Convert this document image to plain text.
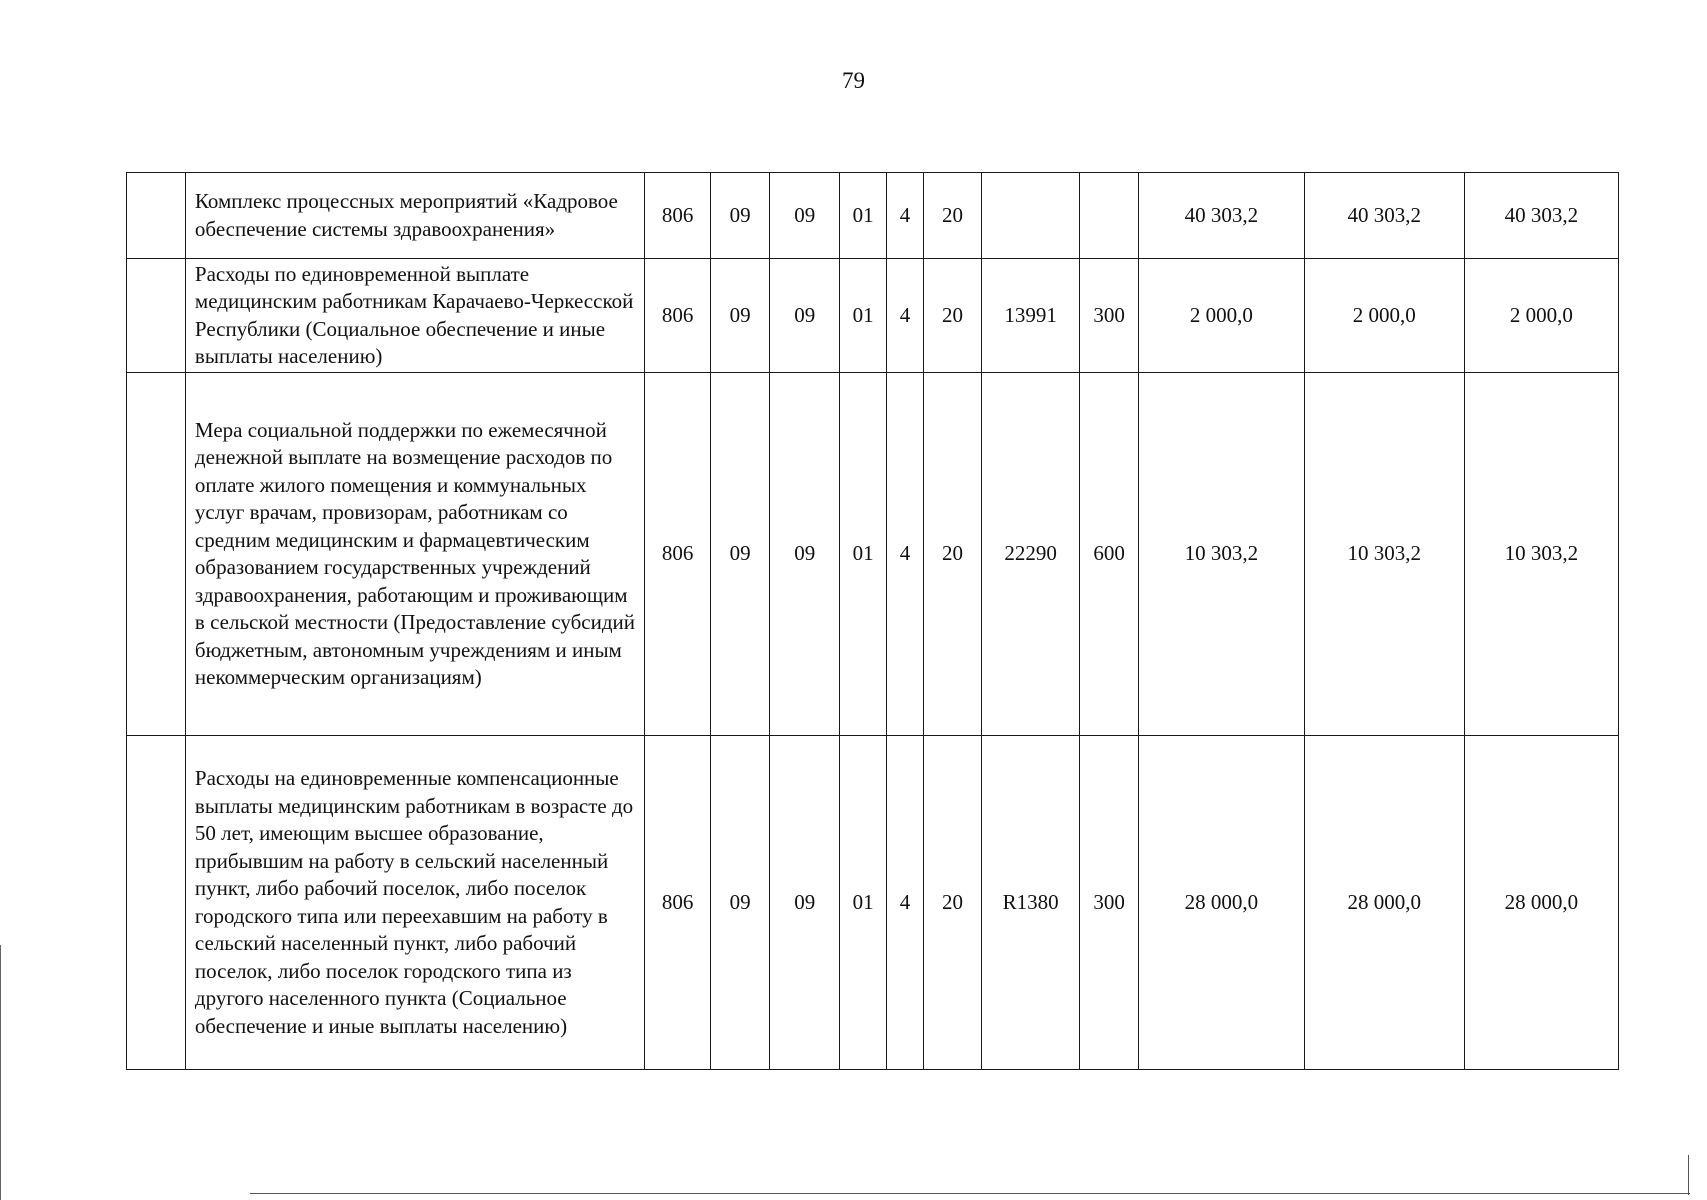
79
	Комплекс процессных мероприятий «Кадровое обеспечение системы здравоохранения»	806	09	09	01	4	20			40 303,2	40 303,2	40 303,2
	Расходы по единовременной выплате медицинским работникам Карачаево-Черкесской Республики (Социальное обеспечение и иные выплаты населению)	806	09	09	01	4	20	13991	300	2 000,0	2 000,0	2 000,0
	Мера социальной поддержки по ежемесячной денежной выплате на возмещение расходов по оплате жилого помещения и коммунальных услуг врачам, провизорам, работникам со средним медицинским и фармацевтическим образованием государственных учреждений здравоохранения, работающим и проживающим в сельской местности (Предоставление субсидий бюджетным, автономным учреждениям и иным некоммерческим организациям)	806	09	09	01	4	20	22290	600	10 303,2	10 303,2	10 303,2
	Расходы на единовременные компенсационные выплаты медицинским работникам в возрасте до 50 лет, имеющим высшее образование, прибывшим на работу в сельский населенный пункт, либо рабочий поселок, либо поселок городского типа или переехавшим на работу в сельский населенный пункт, либо рабочий поселок, либо поселок городского типа из другого населенного пункта (Социальное обеспечение и иные выплаты населению)	806	09	09	01	4	20	R1380	300	28 000,0	28 000,0	28 000,0
